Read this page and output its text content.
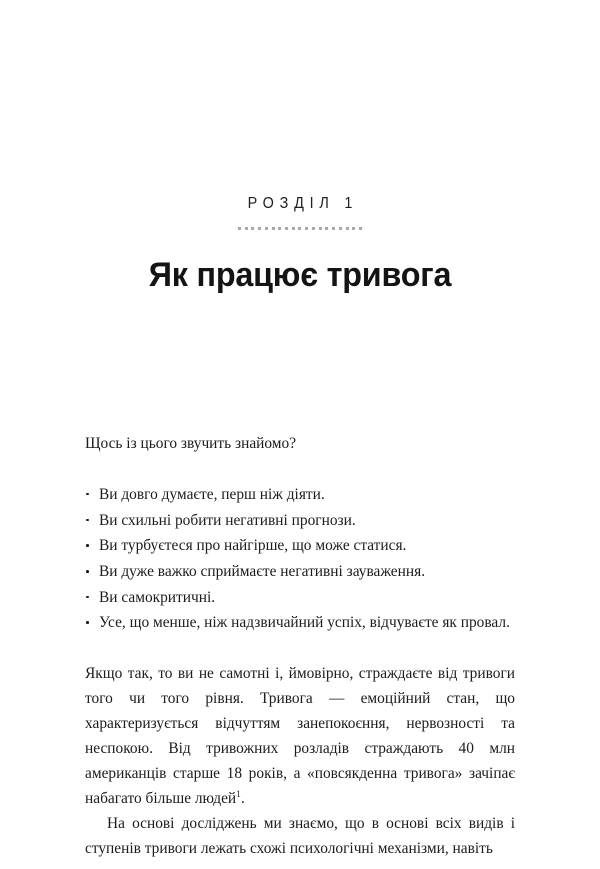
РОЗДІЛ 1

Як працює тривога

Щось із цього звучить знайомо?

Ви довго думаєте, перш ніж діяти.
Ви схильні робити негативні прогнози.
Ви турбуєтеся про найгірше, що може статися.
Ви дуже важко сприймаєте негативні зауваження.
Ви самокритичні.
Усе, що менше, ніж надзвичайний успіх, відчуваєте як провал.

Якщо так, то ви не самотні і, ймовірно, страждаєте від тривоги того чи того рівня. Тривога — емоційний стан, що характеризується відчуттям занепокоєння, нервозності та неспокою. Від тривожних розладів страждають 40 млн американців старше 18 років, а «повсякденна тривога» зачіпає набагато більше людей$^1$.

На основі досліджень ми знаємо, що в основі всіх видів і ступенів тривоги лежать схожі психологічні механізми, навіть
